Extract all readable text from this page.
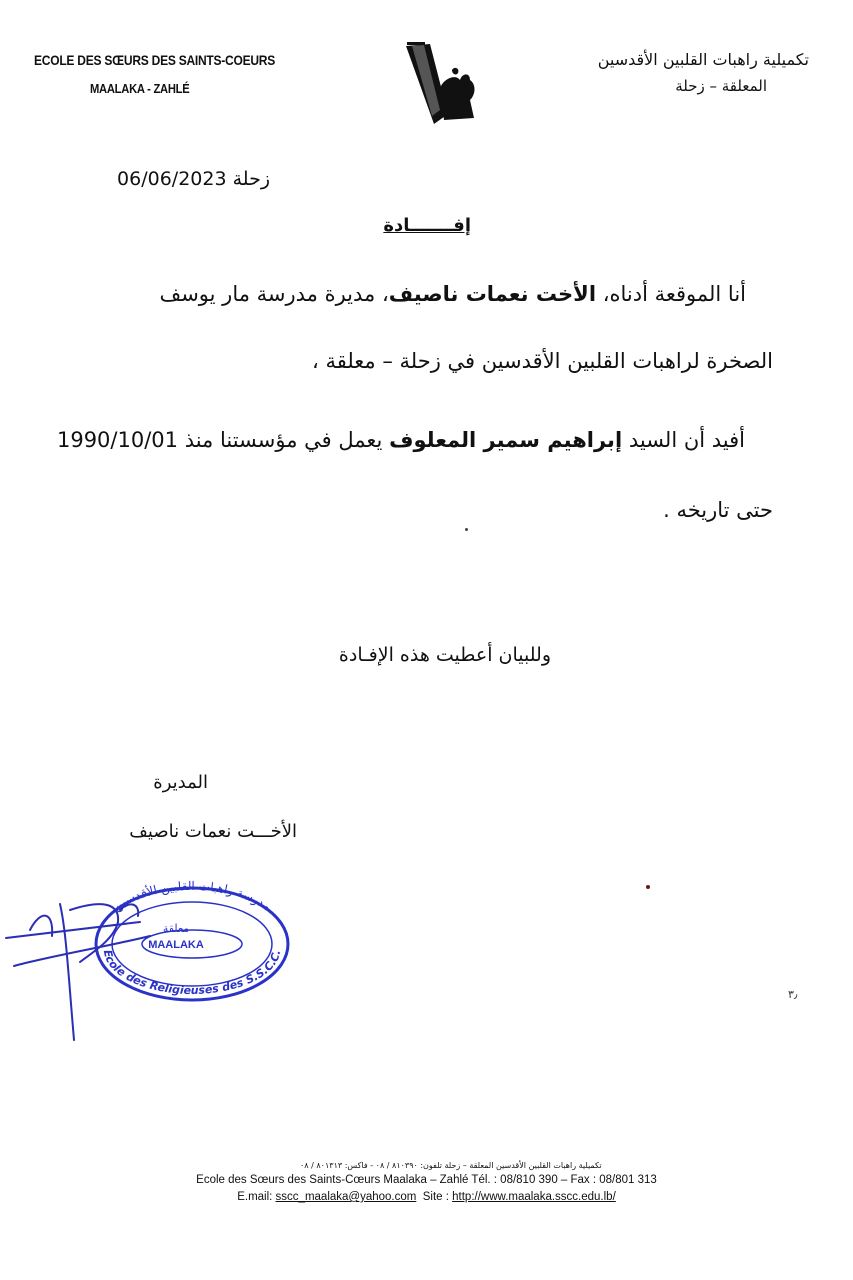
ECOLE DES SŒURS DES SAINTS-COEURS
MAALAKA - ZAHLÉ
تكميلية راهبات القلبين الأقدسين
المعلقة – زحلة
زحلة 06/06/2023
إفـــــــادة
أنا الموقعة أدناه، الأخت نعمات ناصيف، مديرة مدرسة مار يوسف
الصخرة لراهبات القلبين الأقدسين في زحلة – معلقة ،
أفيد أن السيد إبراهيم سمير المعلوف يعمل في مؤسستنا منذ 1990/10/01
حتى تاريخه .
وللبيان أعطيت هذه الإفـادة
المديرة
الأخـــت نعمات ناصيف
مدرسة راهبات القلبين الأقدسين
Ecole des Religieuses des S.S.C.C.
معلقة
MAALAKA
٣٫
تكميلية راهبات القلبين الأقدسين المعلقة – زحلة تلفون: ٨١٠٣٩٠ / ٠٨ - فاكس: ٨٠١٣١٣ / ٠٨
Ecole des Sœurs des Saints-Cœurs Maalaka – Zahlé Tél. : 08/810 390 – Fax : 08/801 313
E.mail: sscc_maalaka@yahoo.com Site : http://www.maalaka.sscc.edu.lb/
